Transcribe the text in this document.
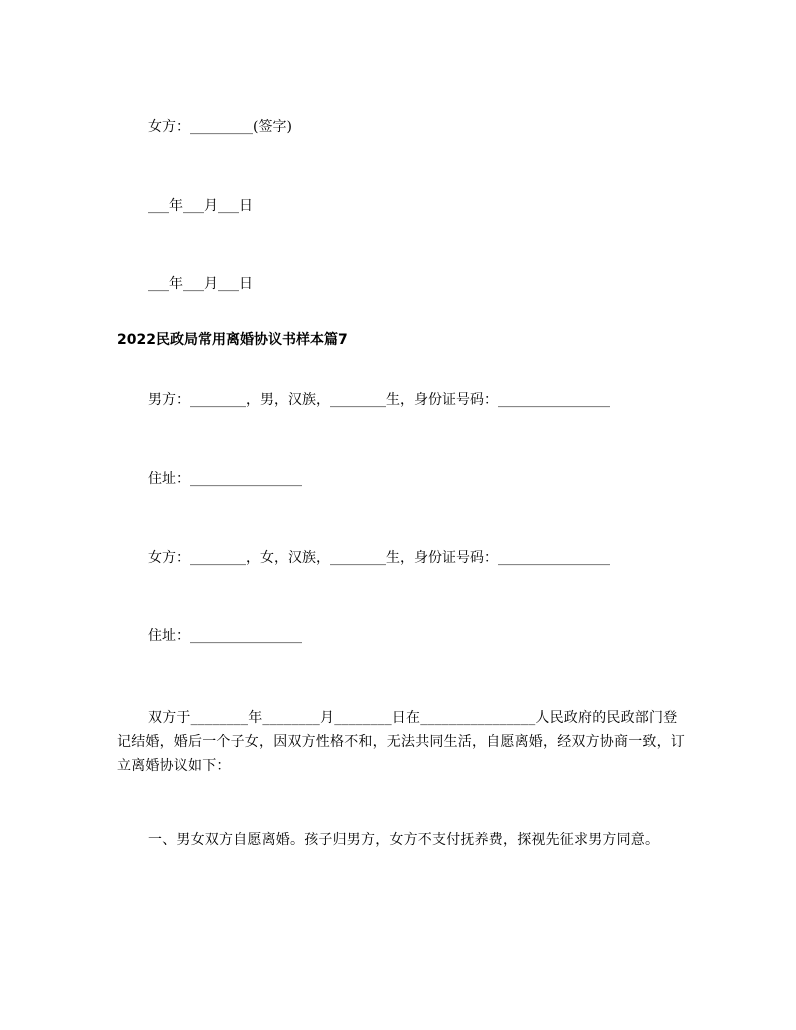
女方：_________(签字)
___年___月___日
___年___月___日
2022民政局常用离婚协议书样本篇7
男方：________，男，汉族，________生，身份证号码：________________
住址：________________
女方：________，女，汉族，________生，身份证号码：________________
住址：________________
双方于________年________月________日在________________人民政府的民政部门登记结婚，婚后一个子女，因双方性格不和，无法共同生活，自愿离婚，经双方协商一致，订立离婚协议如下：
一、男女双方自愿离婚。孩子归男方，女方不支付抚养费，探视先征求男方同意。
